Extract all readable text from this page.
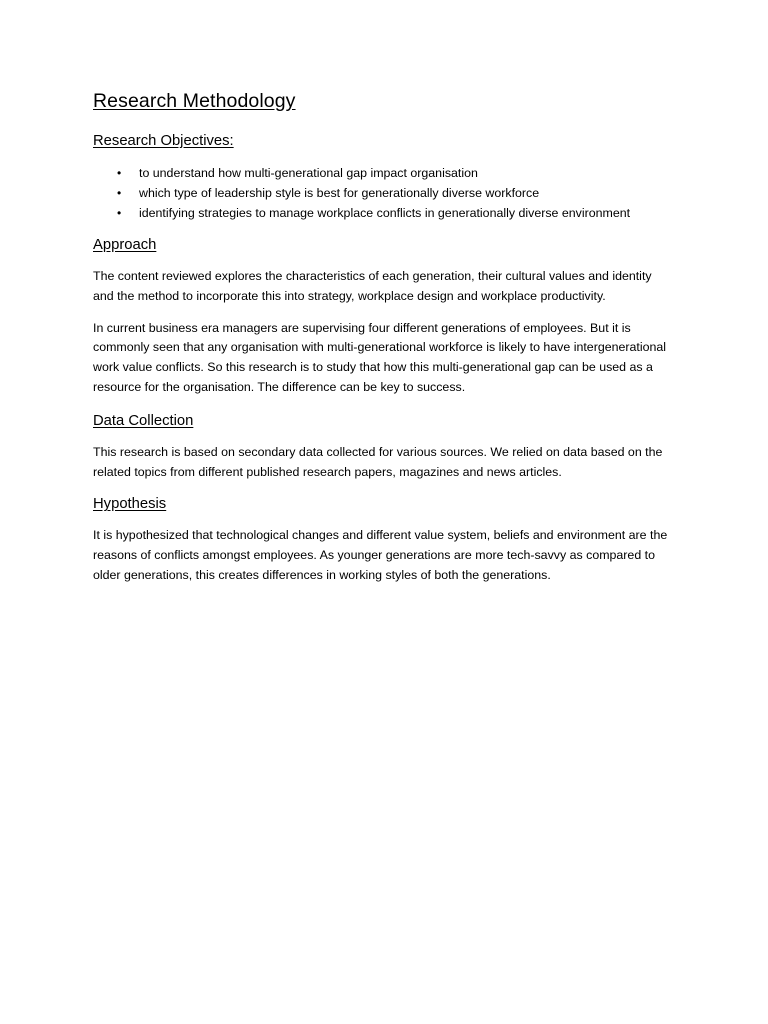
Research Methodology
Research Objectives:
• to understand how multi-generational gap impact organisation
• which type of leadership style is best for generationally diverse workforce
• identifying strategies to manage workplace conflicts in generationally diverse environment
Approach

The content reviewed explores the characteristics of each generation, their cultural values and identity and the method to incorporate this into strategy, workplace design and workplace productivity.

In current business era managers are supervising four different generations of employees. But it is commonly seen that any organisation with multi-generational workforce is likely to have intergenerational work value conflicts. So this research is to study that how this multi-generational gap can be used as a resource for the organisation. The difference can be key to success.

Data Collection

This research is based on secondary data collected for various sources. We relied on data based on the related topics from different published research papers, magazines and news articles.

Hypothesis

It is hypothesized that technological changes and different value system, beliefs and environment are the reasons of conflicts amongst employees. As younger generations are more tech-savvy as compared to older generations, this creates differences in working styles of both the generations.
